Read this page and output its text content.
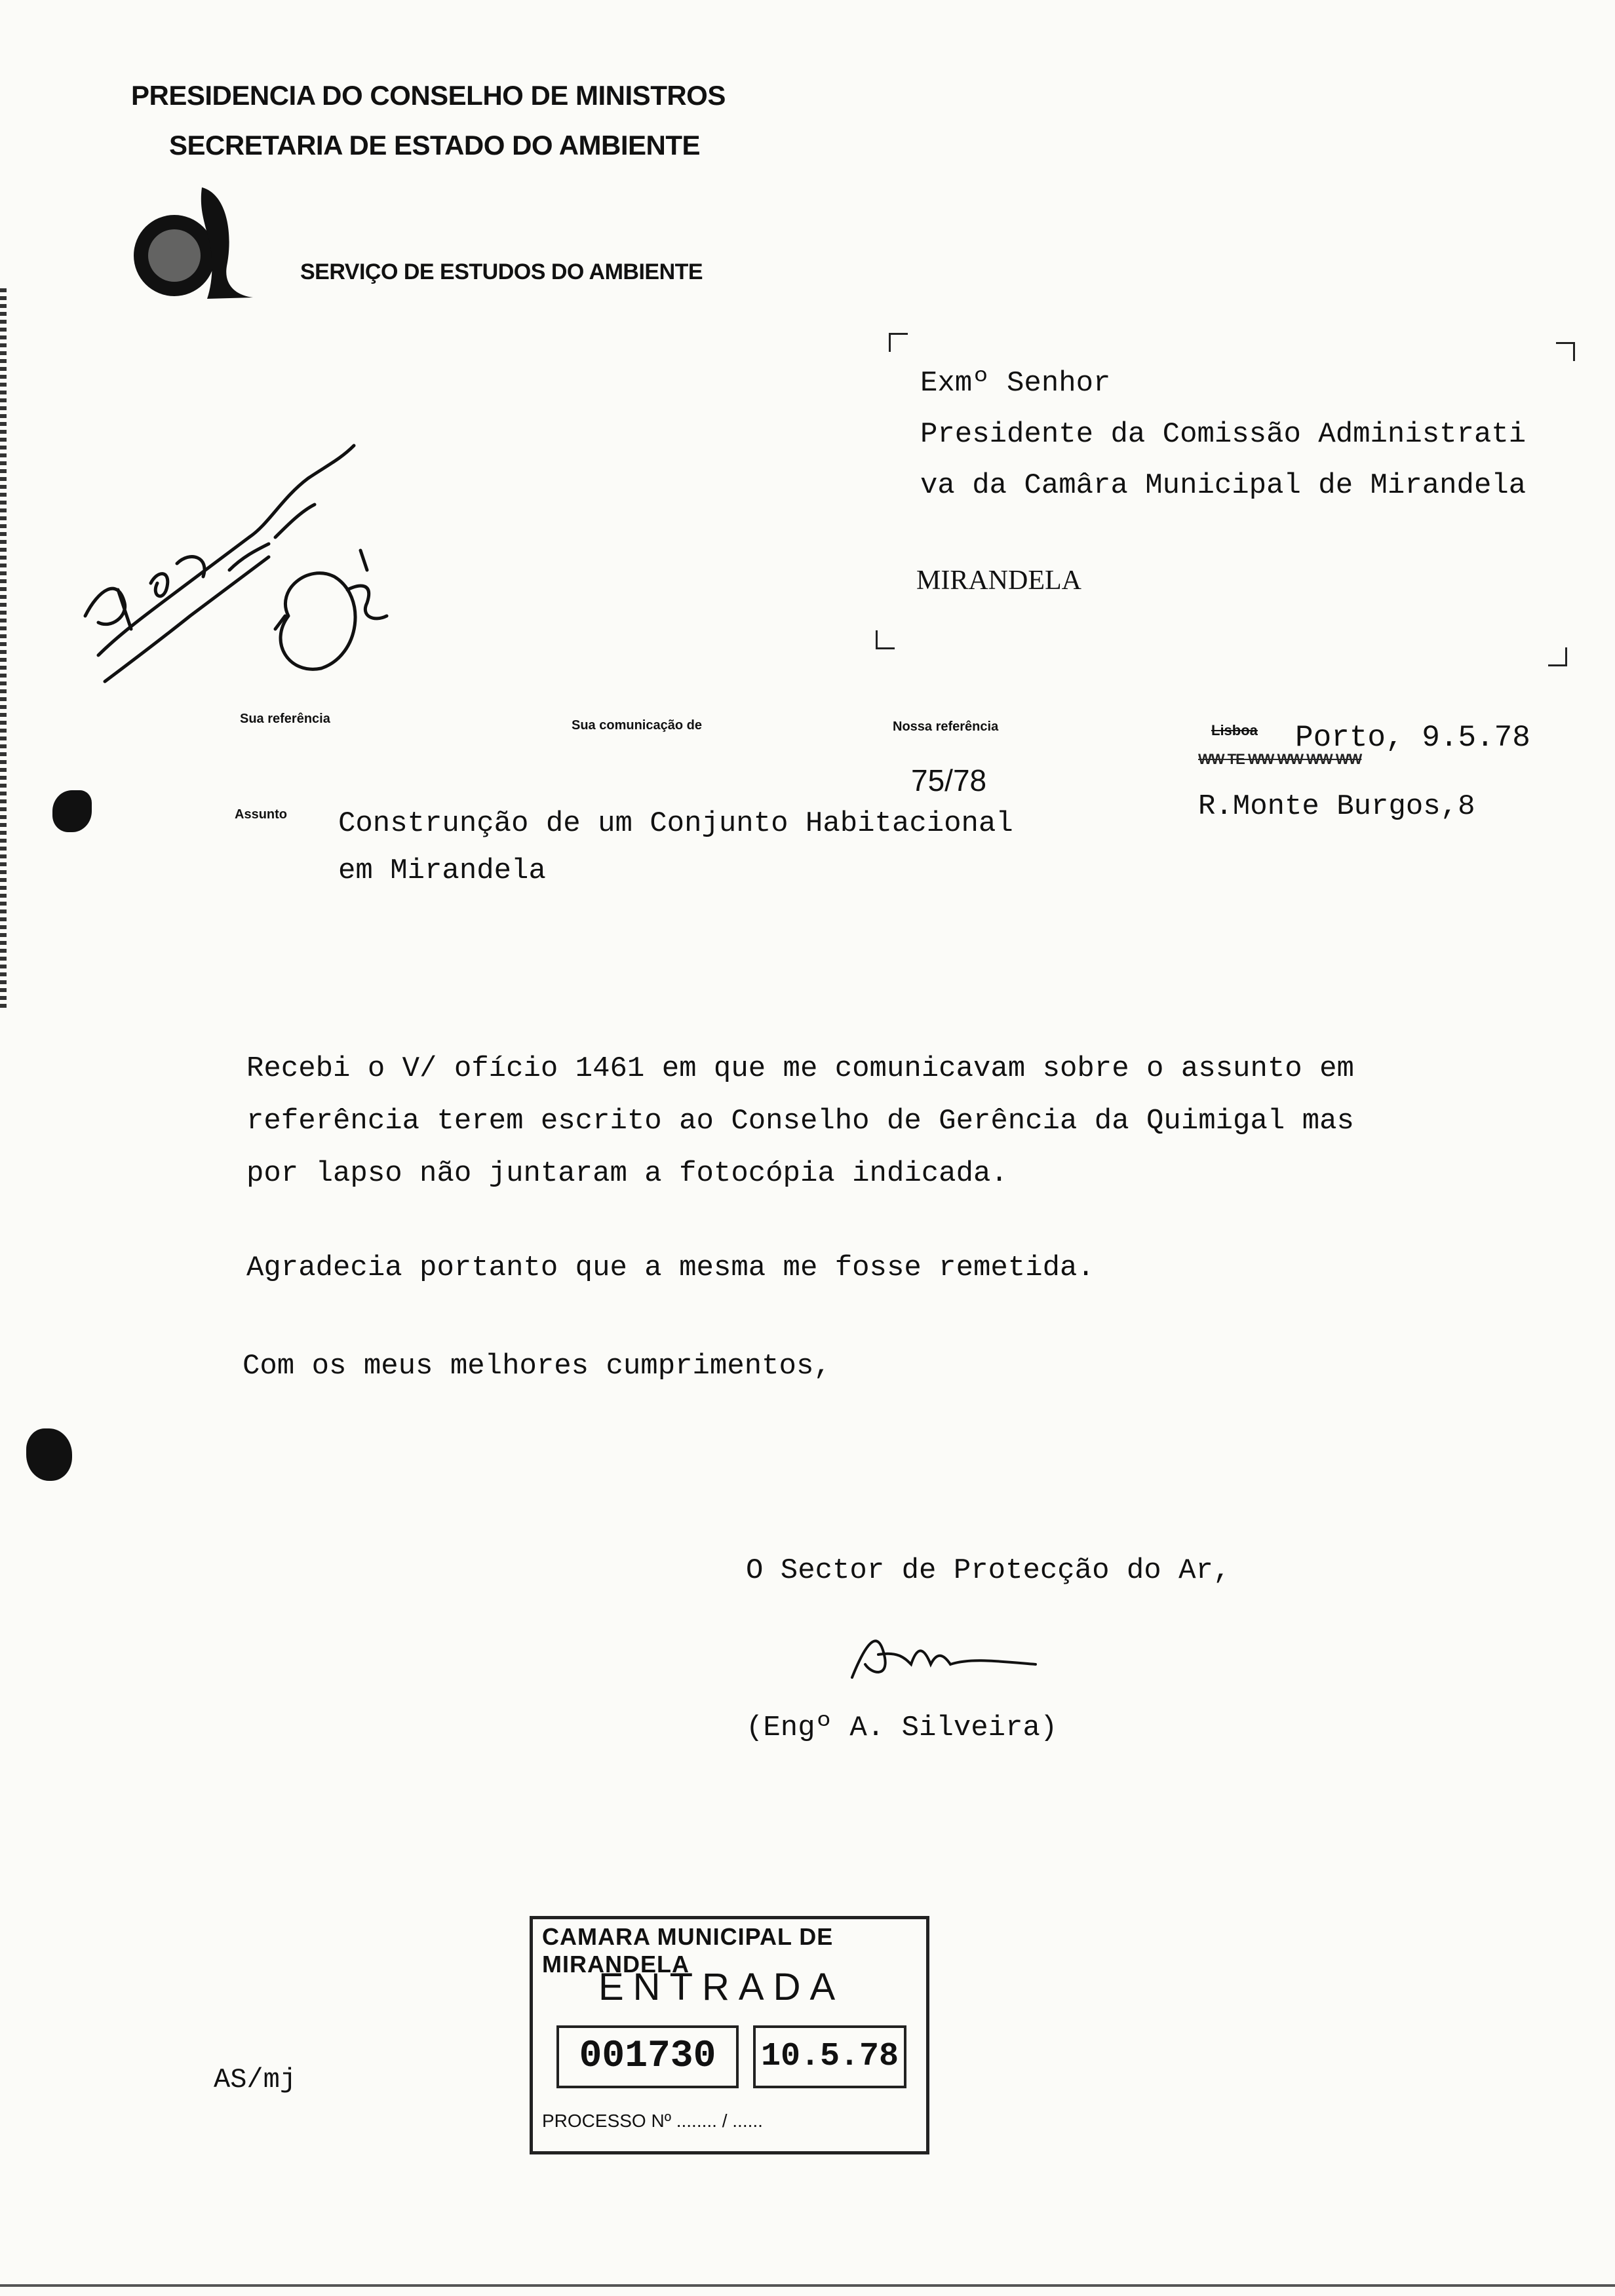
PRESIDENCIA DO CONSELHO DE MINISTROS
SECRETARIA DE ESTADO DO AMBIENTE
SERVIÇO DE ESTUDOS DO AMBIENTE
Exmº Senhor
Presidente da Comissão Administrati
va da Camâra Municipal de Mirandela
MIRANDELA
Sua referência	Sua comunicação de	Nossa referência
75/78
Lisboa Porto, 9.5.78
WW TE WW WW WW WW
R.Monte Burgos,8
Assunto Construnção de um Conjunto Habitacional
em Mirandela
Recebi o V/ ofício 1461 em que me comunicavam sobre o assunto em
referência terem escrito ao Conselho de Gerência da Quimigal mas
por lapso não juntaram a fotocópia indicada.
Agradecia portanto que a mesma me fosse remetida.
Com os meus melhores cumprimentos,
O Sector de Protecção do Ar,
(Engº A. Silveira)
AS/mj
CAMARA MUNICIPAL DE MIRANDELA
ENTRADA
001730	10.5.78
PROCESSO Nº ........ / ......
